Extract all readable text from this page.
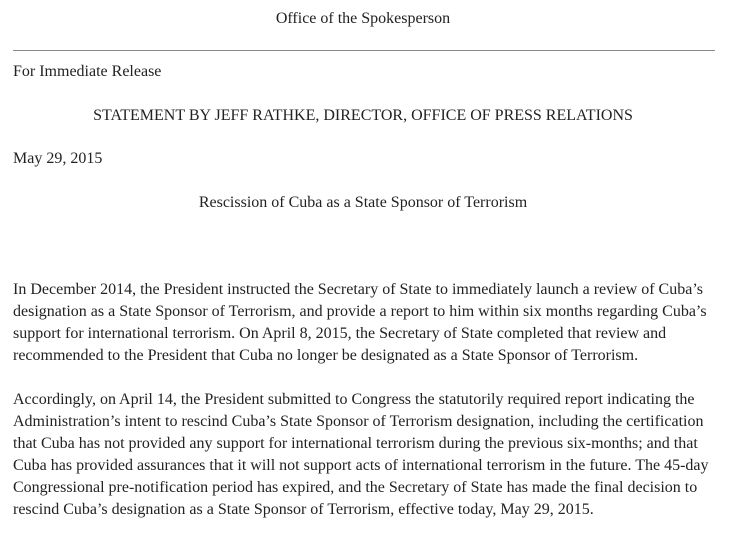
Office of the Spokesperson
For Immediate Release
STATEMENT BY JEFF RATHKE, DIRECTOR, OFFICE OF PRESS RELATIONS
May 29, 2015
Rescission of Cuba as a State Sponsor of Terrorism

In December 2014, the President instructed the Secretary of State to immediately launch a review of Cuba’s designation as a State Sponsor of Terrorism, and provide a report to him within six months regarding Cuba’s support for international terrorism. On April 8, 2015, the Secretary of State completed that review and recommended to the President that Cuba no longer be designated as a State Sponsor of Terrorism.

Accordingly, on April 14, the President submitted to Congress the statutorily required report indicating the Administration’s intent to rescind Cuba’s State Sponsor of Terrorism designation, including the certification that Cuba has not provided any support for international terrorism during the previous six-months; and that Cuba has provided assurances that it will not support acts of international terrorism in the future. The 45-day Congressional pre-notification period has expired, and the Secretary of State has made the final decision to rescind Cuba’s designation as a State Sponsor of Terrorism, effective today, May 29, 2015.
